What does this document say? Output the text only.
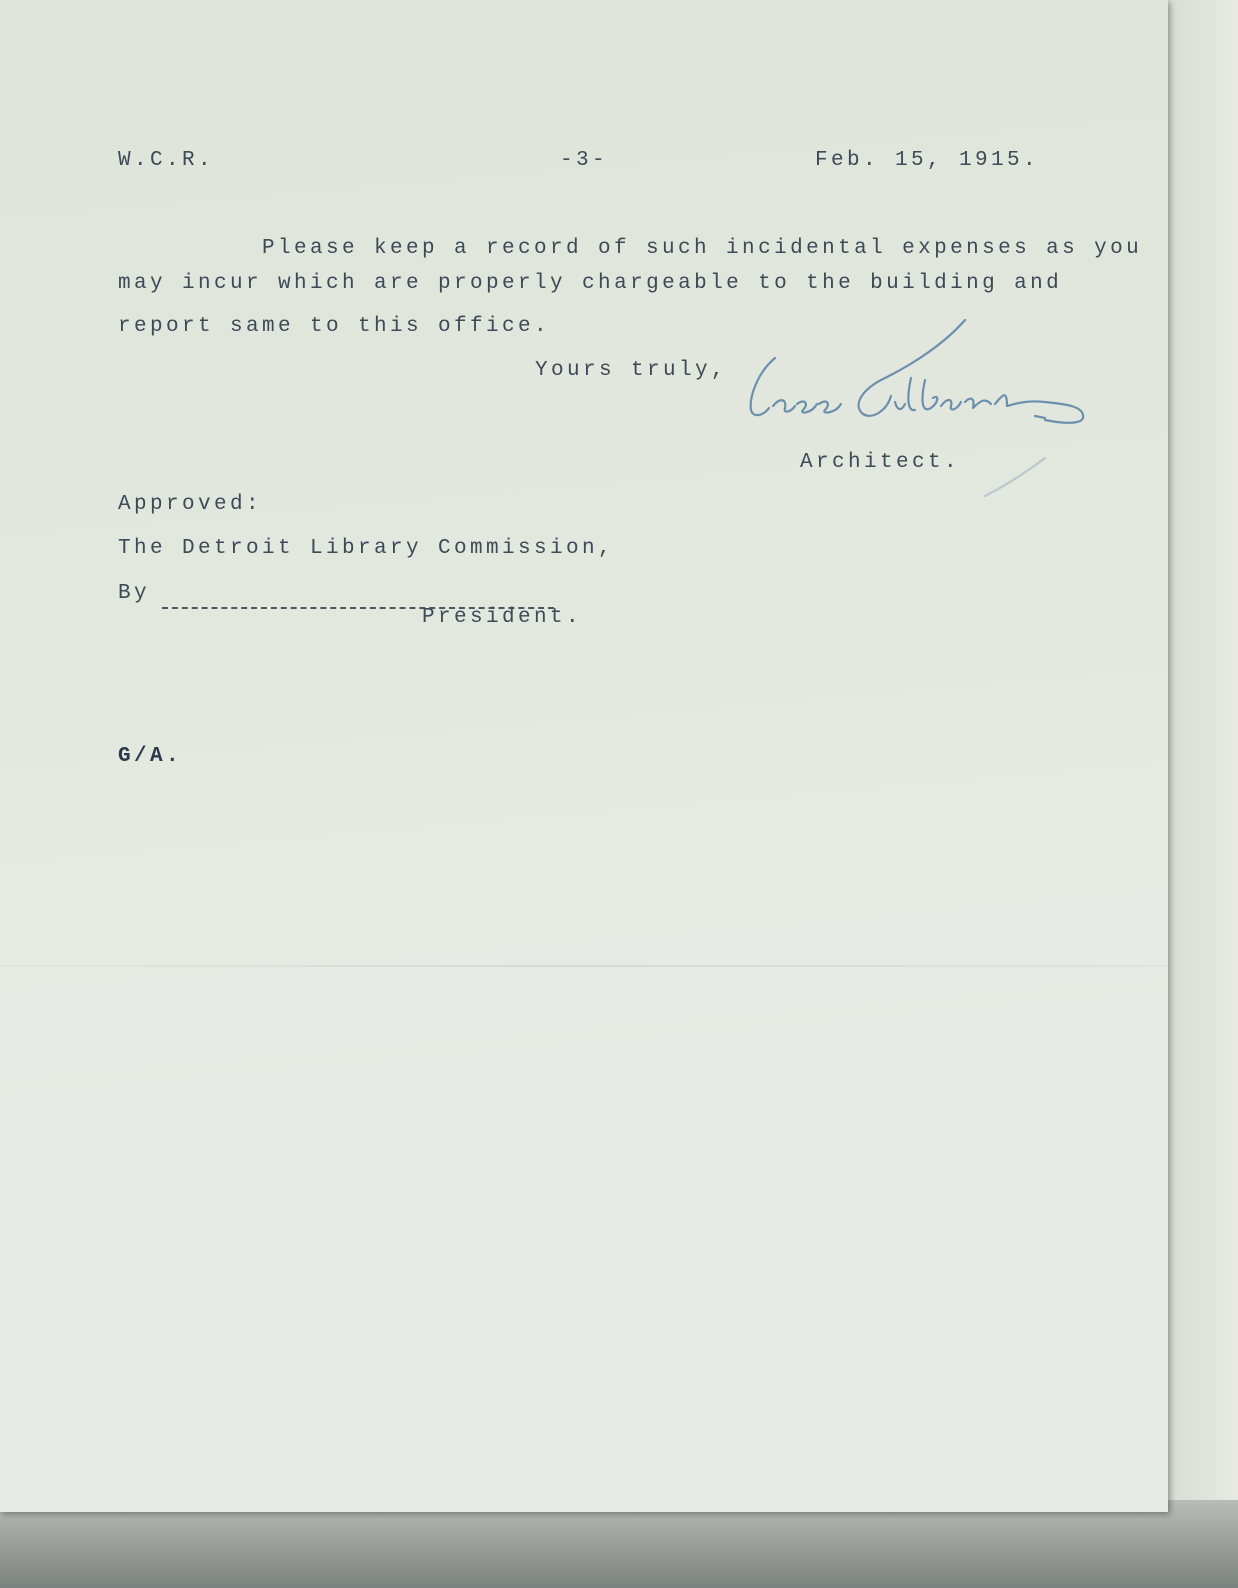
W.C.R.	-3-	Feb. 15, 1915.
Please keep a record of such incidental expenses as you
may incur which are properly chargeable to the building and
report same to this office.
Yours truly,
Architect.
Approved:
The Detroit Library Commission,
By
President.
G/A.
